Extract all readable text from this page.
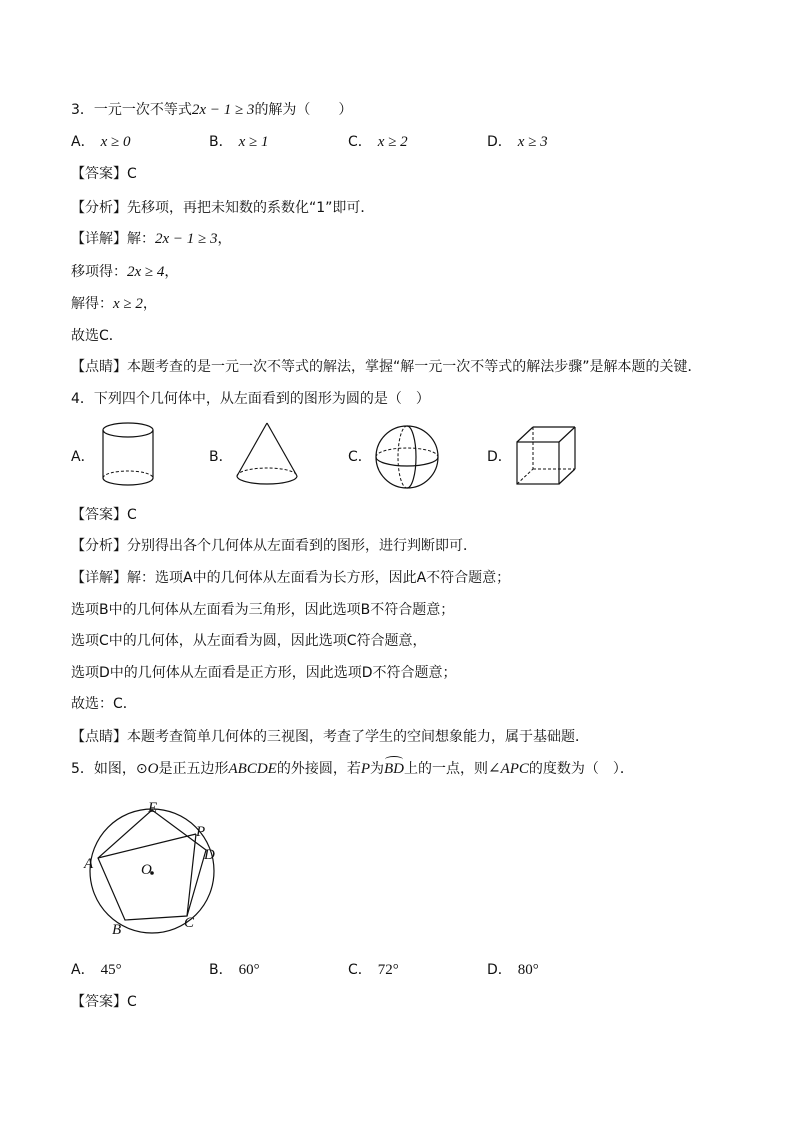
3．一元一次不等式2x − 1 ≥ 3的解为（　　）
A． x ≥ 0	B． x ≥ 1	C． x ≥ 2	D． x ≥ 3
【答案】C
【分析】先移项，再把未知数的系数化“1”即可．
【详解】解：2x − 1 ≥ 3，
移项得：2x ≥ 4，
解得：x ≥ 2，
故选C．
【点睛】本题考查的是一元一次不等式的解法，掌握“解一元一次不等式的解法步骤”是解本题的关键．
4．下列四个几何体中，从左面看到的图形为圆的是（　）
A．	B．	C．	D．
【答案】C
【分析】分别得出各个几何体从左面看到的图形，进行判断即可．
【详解】解：选项A中的几何体从左面看为长方形，因此A不符合题意；
选项B中的几何体从左面看为三角形，因此选项B不符合题意；
选项C中的几何体，从左面看为圆，因此选项C符合题意，
选项D中的几何体从左面看是正方形，因此选项D不符合题意；
故选：C．
【点睛】本题考查简单几何体的三视图，考查了学生的空间想象能力，属于基础题．
5．如图，⊙O是正五边形ABCDE的外接圆，若P为BD上的一点，则∠APC的度数为（　）．
E
P
D
A	O
C
B
A． 45°	B． 60°	C． 72°	D． 80°
【答案】C
